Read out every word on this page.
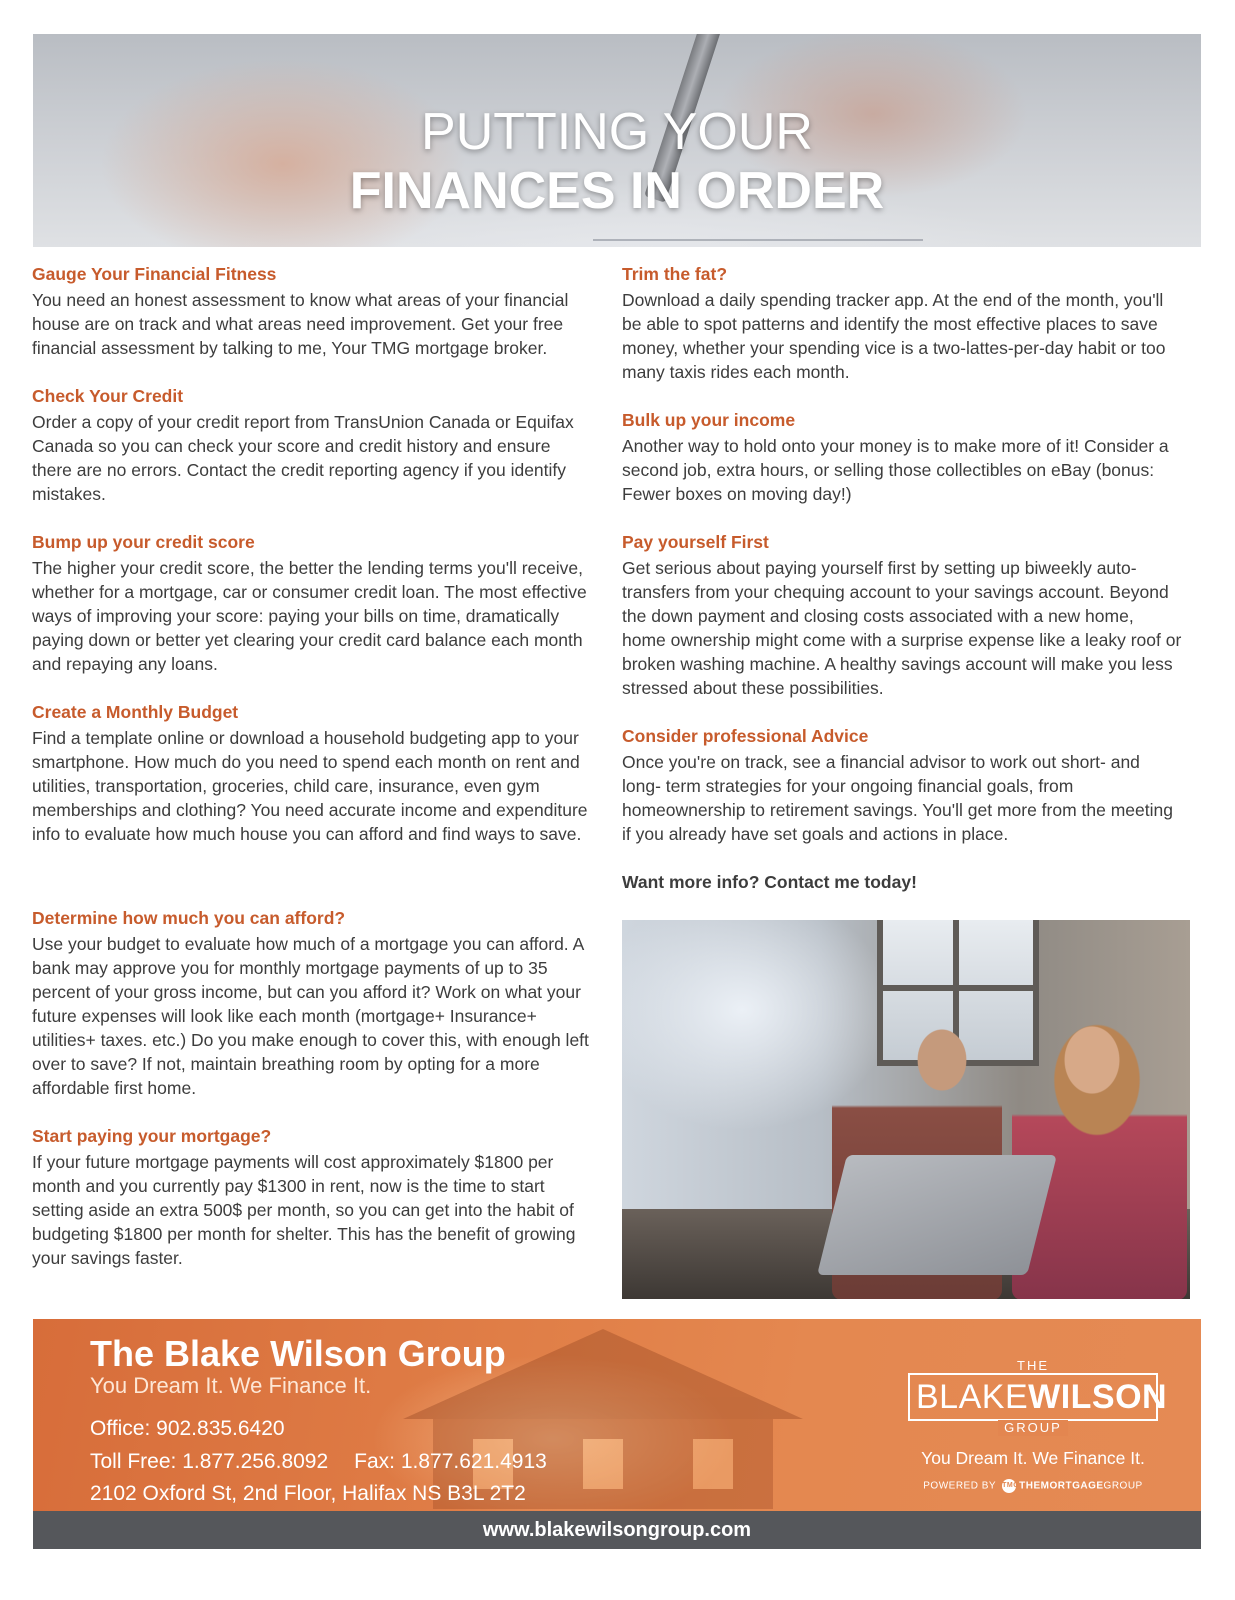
PUTTING YOUR
FINANCES IN ORDER
Gauge Your Financial Fitness

You need an honest assessment to know what areas of your financial house are on track and what areas need improvement. Get your free financial assessment by talking to me, Your TMG mortgage broker.

Check Your Credit

Order a copy of your credit report from TransUnion Canada or Equifax Canada so you can check your score and credit history and ensure there are no errors. Contact the credit reporting agency if you identify mistakes.

Bump up your credit score

The higher your credit score, the better the lending terms you'll receive, whether for a mortgage, car or consumer credit loan. The most effective ways of improving your score: paying your bills on time, dramatically paying down or better yet clearing your credit card balance each month and repaying any loans.

Create a Monthly Budget

Find a template online or download a household budgeting app to your smartphone. How much do you need to spend each month on rent and utilities, transportation, groceries, child care, insurance, even gym memberships and clothing? You need accurate income and expenditure info to evaluate how much house you can afford and find ways to save.

Determine how much you can afford?

Use your budget to evaluate how much of a mortgage you can afford. A bank may approve you for monthly mortgage payments of up to 35 percent of your gross income, but can you afford it? Work on what your future expenses will look like each month (mortgage+ Insurance+ utilities+ taxes. etc.) Do you make enough to cover this, with enough left over to save? If not, maintain breathing room by opting for a more affordable first home.

Start paying your mortgage?

If your future mortgage payments will cost approximately $1800 per month and you currently pay $1300 in rent, now is the time to start setting aside an extra 500$ per month, so you can get into the habit of budgeting $1800 per month for shelter. This has the benefit of growing your savings faster.

Trim the fat?

Download a daily spending tracker app. At the end of the month, you'll be able to spot patterns and identify the most effective places to save money, whether your spending vice is a two-lattes-per-day habit or too many taxis rides each month.

Bulk up your income

Another way to hold onto your money is to make more of it! Consider a second job, extra hours, or selling those collectibles on eBay (bonus: Fewer boxes on moving day!)

Pay yourself First

Get serious about paying yourself first by setting up biweekly auto-transfers from your chequing account to your savings account. Beyond the down payment and closing costs associated with a new home, home ownership might come with a surprise expense like a leaky roof or broken washing machine. A healthy savings account will make you less stressed about these possibilities.

Consider professional Advice

Once you're on track, see a financial advisor to work out short- and long- term strategies for your ongoing financial goals, from homeownership to retirement savings. You'll get more from the meeting if you already have set goals and actions in place.

Want more info? Contact me today!

The Blake Wilson Group
You Dream It. We Finance It.
Office: 902.835.6420
Toll Free: 1.877.256.8092 Fax: 1.877.621.4913
2102 Oxford St, 2nd Floor, Halifax NS B3L 2T2
THE
BLAKEWILSON
GROUP
You Dream It. We Finance It.
POWERED BY TMGTHEMORTGAGEGROUP
www.blakewilsongroup.com
